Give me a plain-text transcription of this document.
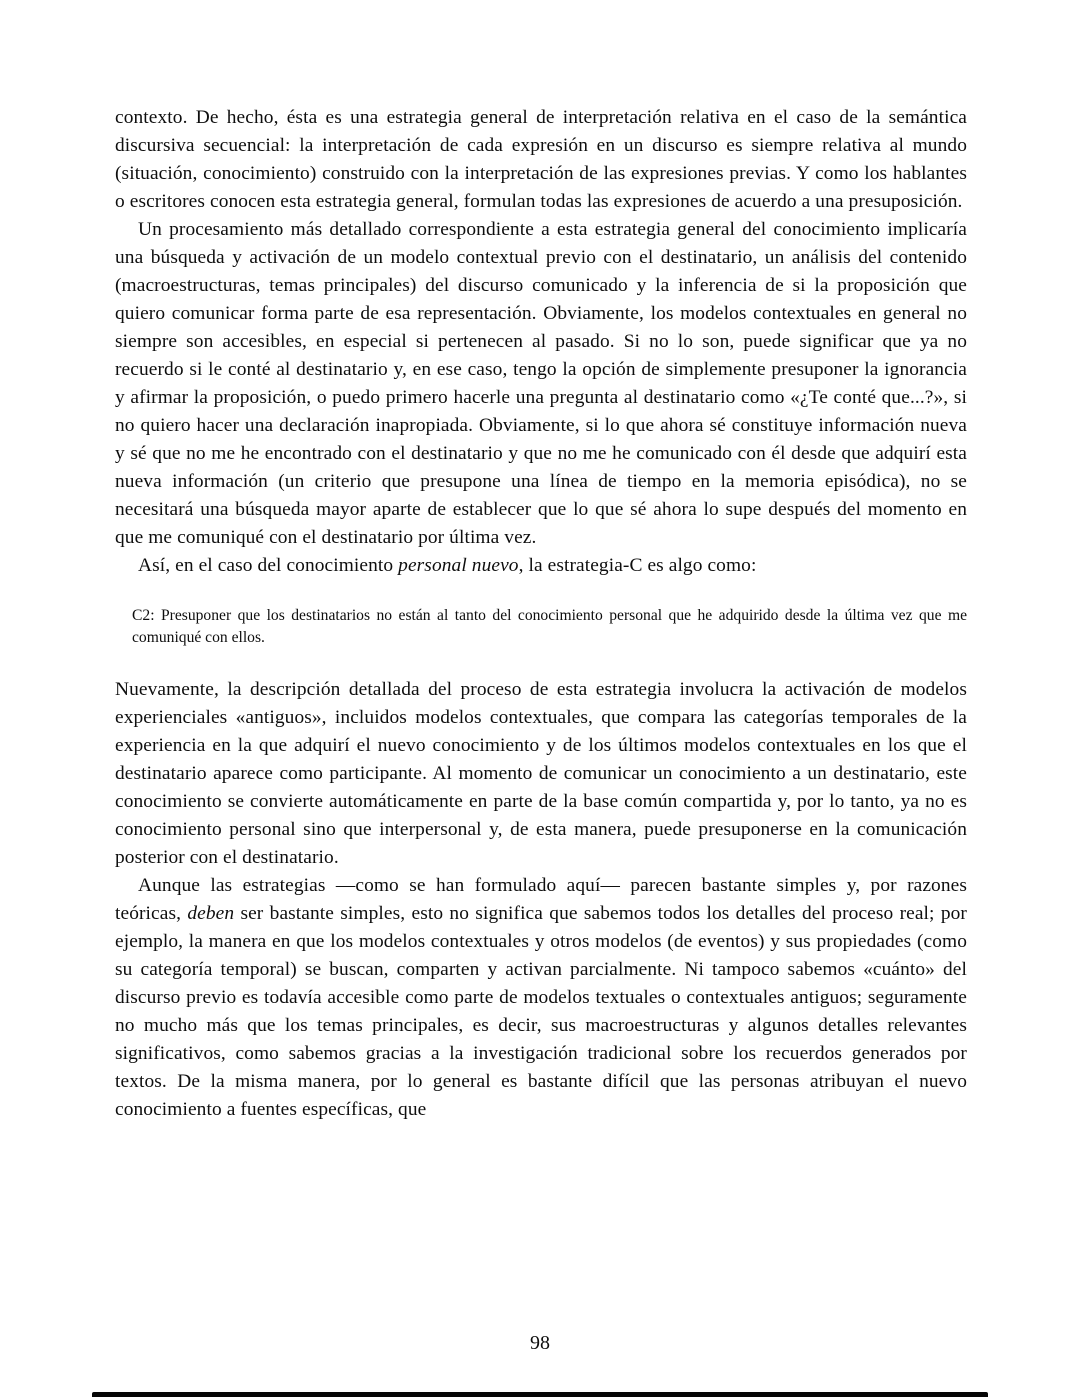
contexto. De hecho, ésta es una estrategia general de interpretación relativa en el caso de la semántica discursiva secuencial: la interpretación de cada expresión en un discurso es siempre relativa al mundo (situación, conocimiento) construido con la interpretación de las expresiones previas. Y como los hablantes o escritores conocen esta estrategia general, formulan todas las expresiones de acuerdo a una presuposición.

Un procesamiento más detallado correspondiente a esta estrategia general del conocimiento implicaría una búsqueda y activación de un modelo contextual previo con el destinatario, un análisis del contenido (macroestructuras, temas principales) del discurso comunicado y la inferencia de si la proposición que quiero comunicar forma parte de esa representación. Obviamente, los modelos contextuales en general no siempre son accesibles, en especial si pertenecen al pasado. Si no lo son, puede significar que ya no recuerdo si le conté al destinatario y, en ese caso, tengo la opción de simplemente presuponer la ignorancia y afirmar la proposición, o puedo primero hacerle una pregunta al destinatario como «¿Te conté que...?», si no quiero hacer una declaración inapropiada. Obviamente, si lo que ahora sé constituye información nueva y sé que no me he encontrado con el destinatario y que no me he comunicado con él desde que adquirí esta nueva información (un criterio que presupone una línea de tiempo en la memoria episódica), no se necesitará una búsqueda mayor aparte de establecer que lo que sé ahora lo supe después del momento en que me comuniqué con el destinatario por última vez.

Así, en el caso del conocimiento personal nuevo, la estrategia-C es algo como:

C2: Presuponer que los destinatarios no están al tanto del conocimiento personal que he adquirido desde la última vez que me comuniqué con ellos.

Nuevamente, la descripción detallada del proceso de esta estrategia involucra la activación de modelos experienciales «antiguos», incluidos modelos contextuales, que compara las categorías temporales de la experiencia en la que adquirí el nuevo conocimiento y de los últimos modelos contextuales en los que el destinatario aparece como participante. Al momento de comunicar un conocimiento a un destinatario, este conocimiento se convierte automáticamente en parte de la base común compartida y, por lo tanto, ya no es conocimiento personal sino que interpersonal y, de esta manera, puede presuponerse en la comunicación posterior con el destinatario.

Aunque las estrategias —como se han formulado aquí— parecen bastante simples y, por razones teóricas, deben ser bastante simples, esto no significa que sabemos todos los detalles del proceso real; por ejemplo, la manera en que los modelos contextuales y otros modelos (de eventos) y sus propiedades (como su categoría temporal) se buscan, comparten y activan parcialmente. Ni tampoco sabemos «cuánto» del discurso previo es todavía accesible como parte de modelos textuales o contextuales antiguos; seguramente no mucho más que los temas principales, es decir, sus macroestructuras y algunos detalles relevantes significativos, como sabemos gracias a la investigación tradicional sobre los recuerdos generados por textos. De la misma manera, por lo general es bastante difícil que las personas atribuyan el nuevo conocimiento a fuentes específicas, que

98
